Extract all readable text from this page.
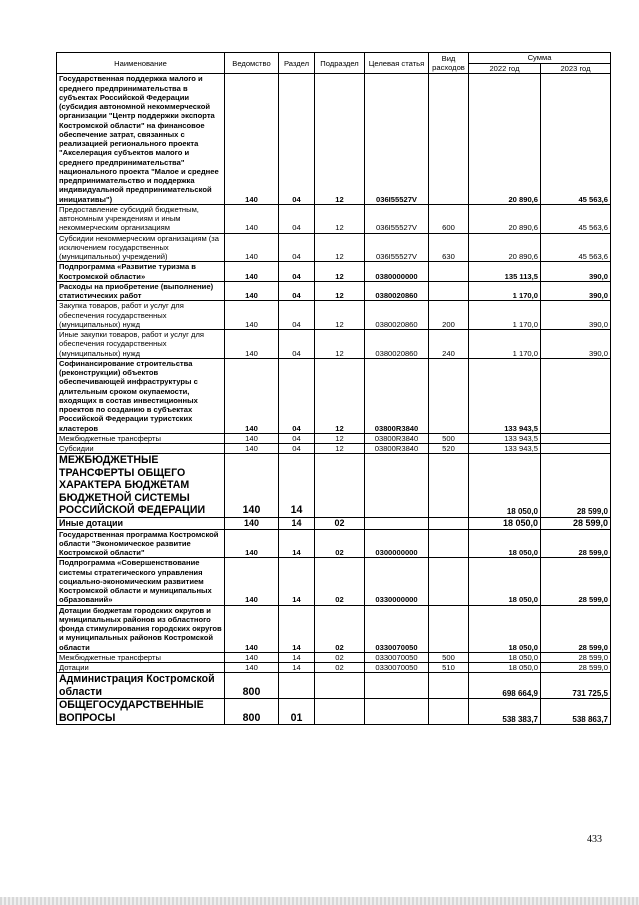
Наименование	Ведомство	Раздел	Подраздел	Целевая статья	Вид расходов	Сумма	
						2022 год	2023 год
Государственная поддержка малого и среднего предпринимательства в субъектах Российской Федерации (субсидия автономной некоммерческой организации "Центр поддержки экспорта Костромской области" на финансовое обеспечение затрат, связанных с реализацией регионального проекта "Акселерация субъектов малого и среднего предпринимательства" национального проекта "Малое и среднее предпринимательство и поддержка индивидуальной предпринимательской инициативы")	140	04	12	036I55527V		20 890,6	45 563,6
Предоставление субсидий бюджетным, автономным учреждениям и иным некоммерческим организациям	140	04	12	036I55527V	600	20 890,6	45 563,6
Субсидии некоммерческим организациям (за исключением государственных (муниципальных) учреждений)	140	04	12	036I55527V	630	20 890,6	45 563,6
Подпрограмма «Развитие туризма в Костромской области»	140	04	12	0380000000		135 113,5	390,0
Расходы на приобретение (выполнение) статистических работ	140	04	12	0380020860		1 170,0	390,0
Закупка товаров, работ и услуг для обеспечения государственных (муниципальных) нужд	140	04	12	0380020860	200	1 170,0	390,0
Иные закупки товаров, работ и услуг для обеспечения государственных (муниципальных) нужд	140	04	12	0380020860	240	1 170,0	390,0
Софинансирование строительства (реконструкции) объектов обеспечивающей инфраструктуры с длительным сроком окупаемости, входящих в состав инвестиционных проектов по созданию в субъектах Российской Федерации туристских кластеров	140	04	12	03800R3840		133 943,5	
Межбюджетные трансферты	140	04	12	03800R3840	500	133 943,5	
Субсидии	140	04	12	03800R3840	520	133 943,5	
МЕЖБЮДЖЕТНЫЕ ТРАНСФЕРТЫ ОБЩЕГО ХАРАКТЕРА БЮДЖЕТАМ БЮДЖЕТНОЙ СИСТЕМЫ РОССИЙСКОЙ ФЕДЕРАЦИИ	140	14				18 050,0	28 599,0
Иные дотации	140	14	02			18 050,0	28 599,0
Государственная программа Костромской области "Экономическое развитие Костромской области"	140	14	02	0300000000		18 050,0	28 599,0
Подпрограмма «Совершенствование системы стратегического управления социально-экономическим развитием Костромской области и муниципальных образований»	140	14	02	0330000000		18 050,0	28 599,0
Дотации бюджетам городских округов и муниципальных районов из областного фонда стимулирования городских округов и муниципальных районов Костромской области	140	14	02	0330070050		18 050,0	28 599,0
Межбюджетные трансферты	140	14	02	0330070050	500	18 050,0	28 599,0
Дотации	140	14	02	0330070050	510	18 050,0	28 599,0
Администрация Костромской области	800					698 664,9	731 725,5
ОБЩЕГОСУДАРСТВЕННЫЕ ВОПРОСЫ	800	01				538 383,7	538 863,7
433
